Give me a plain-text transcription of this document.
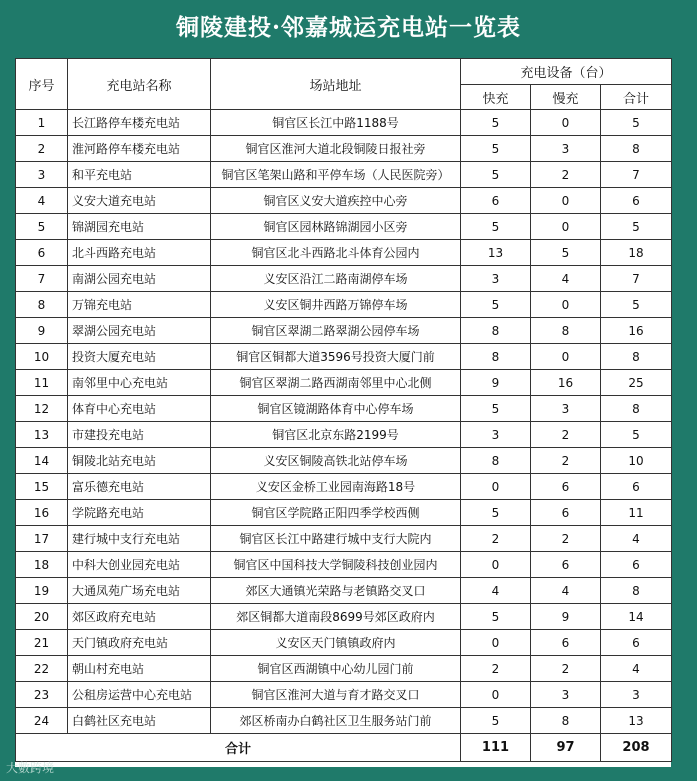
铜陵建投·邻嘉城运充电站一览表
序号	充电站名称	场站地址	充电设备（台）		
			快充	慢充	合计
1	长江路停车楼充电站	铜官区长江中路1188号	5	0	5
2	淮河路停车楼充电站	铜官区淮河大道北段铜陵日报社旁	5	3	8
3	和平充电站	铜官区笔架山路和平停车场（人民医院旁）	5	2	7
4	义安大道充电站	铜官区义安大道疾控中心旁	6	0	6
5	锦湖园充电站	铜官区园林路锦湖园小区旁	5	0	5
6	北斗西路充电站	铜官区北斗西路北斗体育公园内	13	5	18
7	南湖公园充电站	义安区沿江二路南湖停车场	3	4	7
8	万锦充电站	义安区铜井西路万锦停车场	5	0	5
9	翠湖公园充电站	铜官区翠湖二路翠湖公园停车场	8	8	16
10	投资大厦充电站	铜官区铜都大道3596号投资大厦门前	8	0	8
11	南邻里中心充电站	铜官区翠湖二路西湖南邻里中心北侧	9	16	25
12	体育中心充电站	铜官区镜湖路体育中心停车场	5	3	8
13	市建投充电站	铜官区北京东路2199号	3	2	5
14	铜陵北站充电站	义安区铜陵高铁北站停车场	8	2	10
15	富乐德充电站	义安区金桥工业园南海路18号	0	6	6
16	学院路充电站	铜官区学院路正阳四季学校西侧	5	6	11
17	建行城中支行充电站	铜官区长江中路建行城中支行大院内	2	2	4
18	中科大创业园充电站	铜官区中国科技大学铜陵科技创业园内	0	6	6
19	大通凤苑广场充电站	郊区大通镇光荣路与老镇路交叉口	4	4	8
20	郊区政府充电站	郊区铜都大道南段8699号郊区政府内	5	9	14
21	天门镇政府充电站	义安区天门镇镇政府内	0	6	6
22	朝山村充电站	铜官区西湖镇中心幼儿园门前	2	2	4
23	公租房运营中心充电站	铜官区淮河大道与育才路交叉口	0	3	3
24	白鹤社区充电站	郊区桥南办白鹤社区卫生服务站门前	5	8	13
合计			111	97	208
大數跨境
